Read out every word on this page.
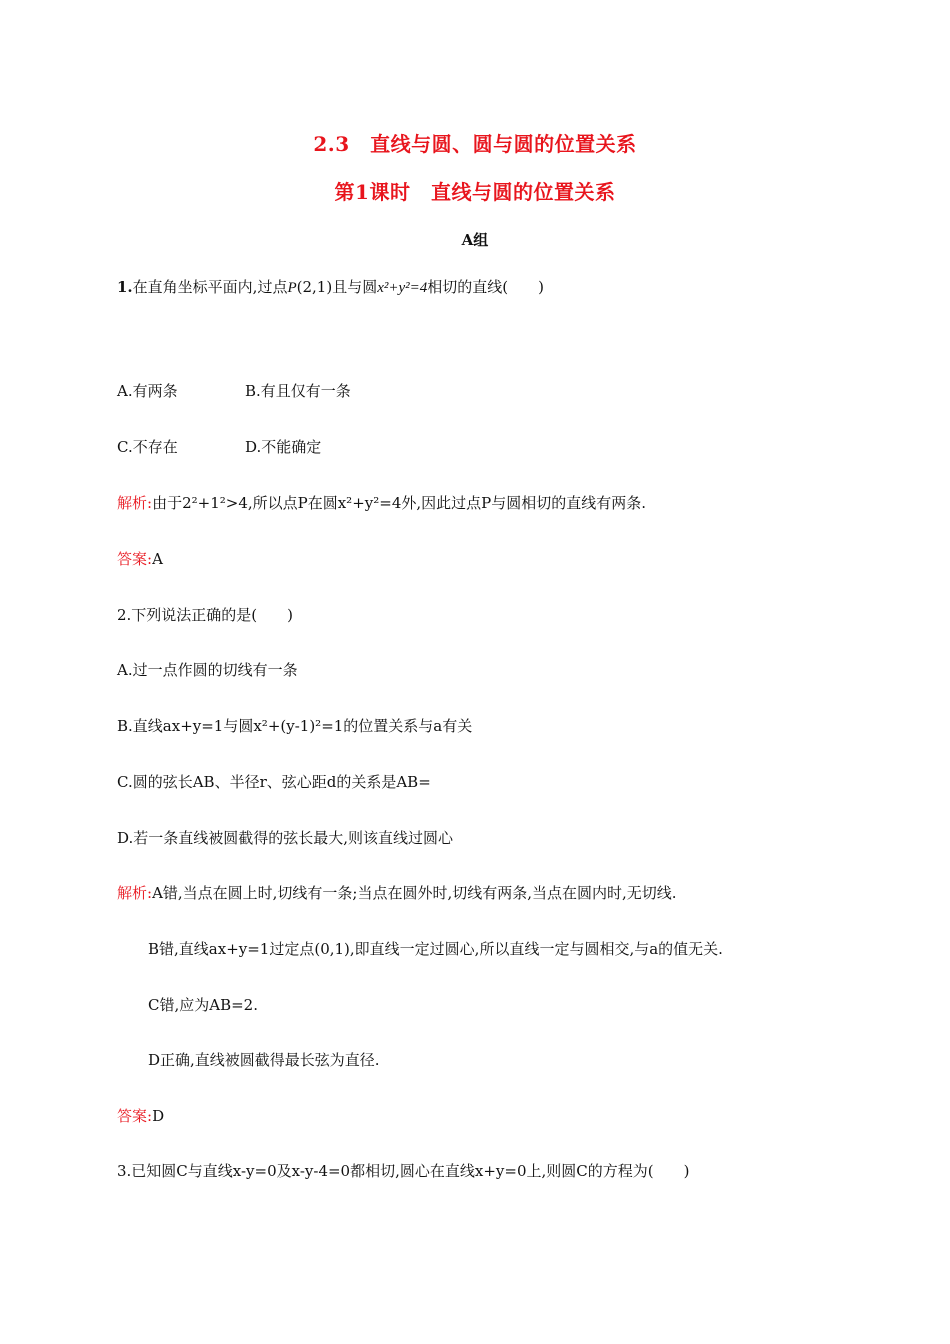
2.3　直线与圆、圆与圆的位置关系
第1课时　直线与圆的位置关系
A组
1.在直角坐标平面内,过点P(2,1)且与圆x²+y²=4相切的直线(　　)
A.有两条	B.有且仅有一条
C.不存在	D.不能确定
解析:由于2²+1²>4,所以点P在圆x²+y²=4外,因此过点P与圆相切的直线有两条.
答案:A
2.下列说法正确的是(　　)
A.过一点作圆的切线有一条
B.直线ax+y=1与圆x²+(y-1)²=1的位置关系与a有关
C.圆的弦长AB、半径r、弦心距d的关系是AB=
D.若一条直线被圆截得的弦长最大,则该直线过圆心
解析:A错,当点在圆上时,切线有一条;当点在圆外时,切线有两条,当点在圆内时,无切线.
B错,直线ax+y=1过定点(0,1),即直线一定过圆心,所以直线一定与圆相交,与a的值无关.
C错,应为AB=2.
D正确,直线被圆截得最长弦为直径.
答案:D
3.已知圆C与直线x-y=0及x-y-4=0都相切,圆心在直线x+y=0上,则圆C的方程为(　　)
